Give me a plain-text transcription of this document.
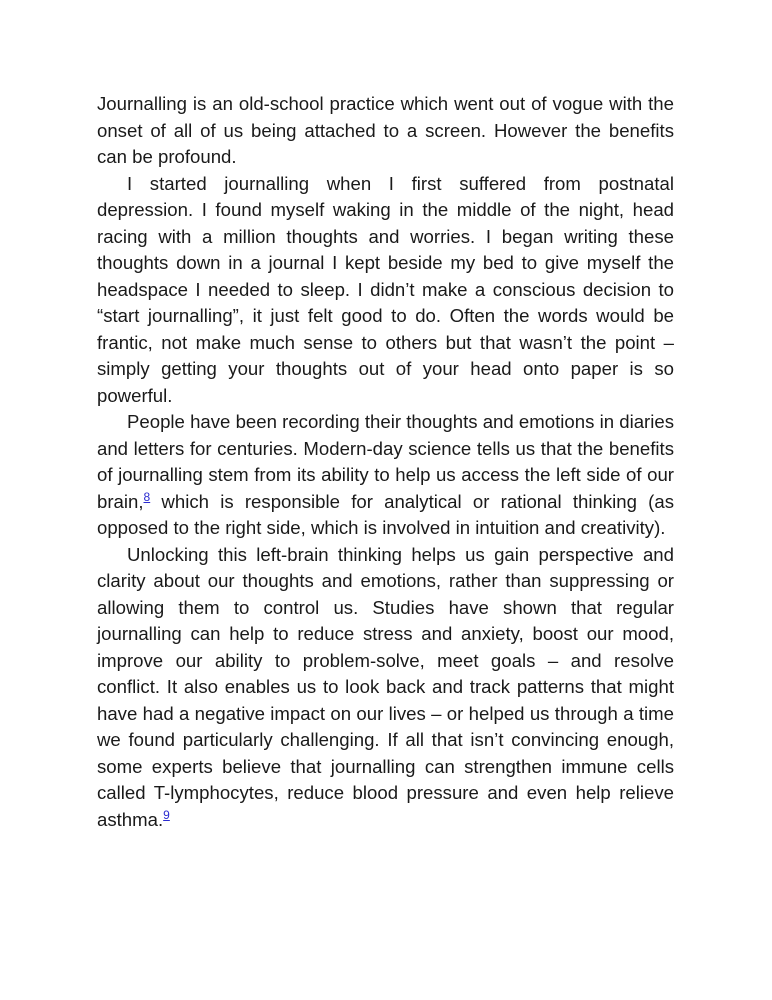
Journalling is an old-school practice which went out of vogue with the onset of all of us being attached to a screen. However the benefits can be profound.

I started journalling when I first suffered from postnatal depression. I found myself waking in the middle of the night, head racing with a million thoughts and worries. I began writing these thoughts down in a journal I kept beside my bed to give myself the headspace I needed to sleep. I didn’t make a conscious decision to “start journalling”, it just felt good to do. Often the words would be frantic, not make much sense to others but that wasn’t the point – simply getting your thoughts out of your head onto paper is so powerful.

People have been recording their thoughts and emotions in diaries and letters for centuries. Modern-day science tells us that the benefits of journalling stem from its ability to help us access the left side of our brain,$^8$ which is responsible for analytical or rational thinking (as opposed to the right side, which is involved in intuition and creativity).

Unlocking this left-brain thinking helps us gain perspective and clarity about our thoughts and emotions, rather than suppressing or allowing them to control us. Studies have shown that regular journalling can help to reduce stress and anxiety, boost our mood, improve our ability to problem-solve, meet goals – and resolve conflict. It also enables us to look back and track patterns that might have had a negative impact on our lives – or helped us through a time we found particularly challenging. If all that isn’t convincing enough, some experts believe that journalling can strengthen immune cells called T-lymphocytes, reduce blood pressure and even help relieve asthma.$^9$
